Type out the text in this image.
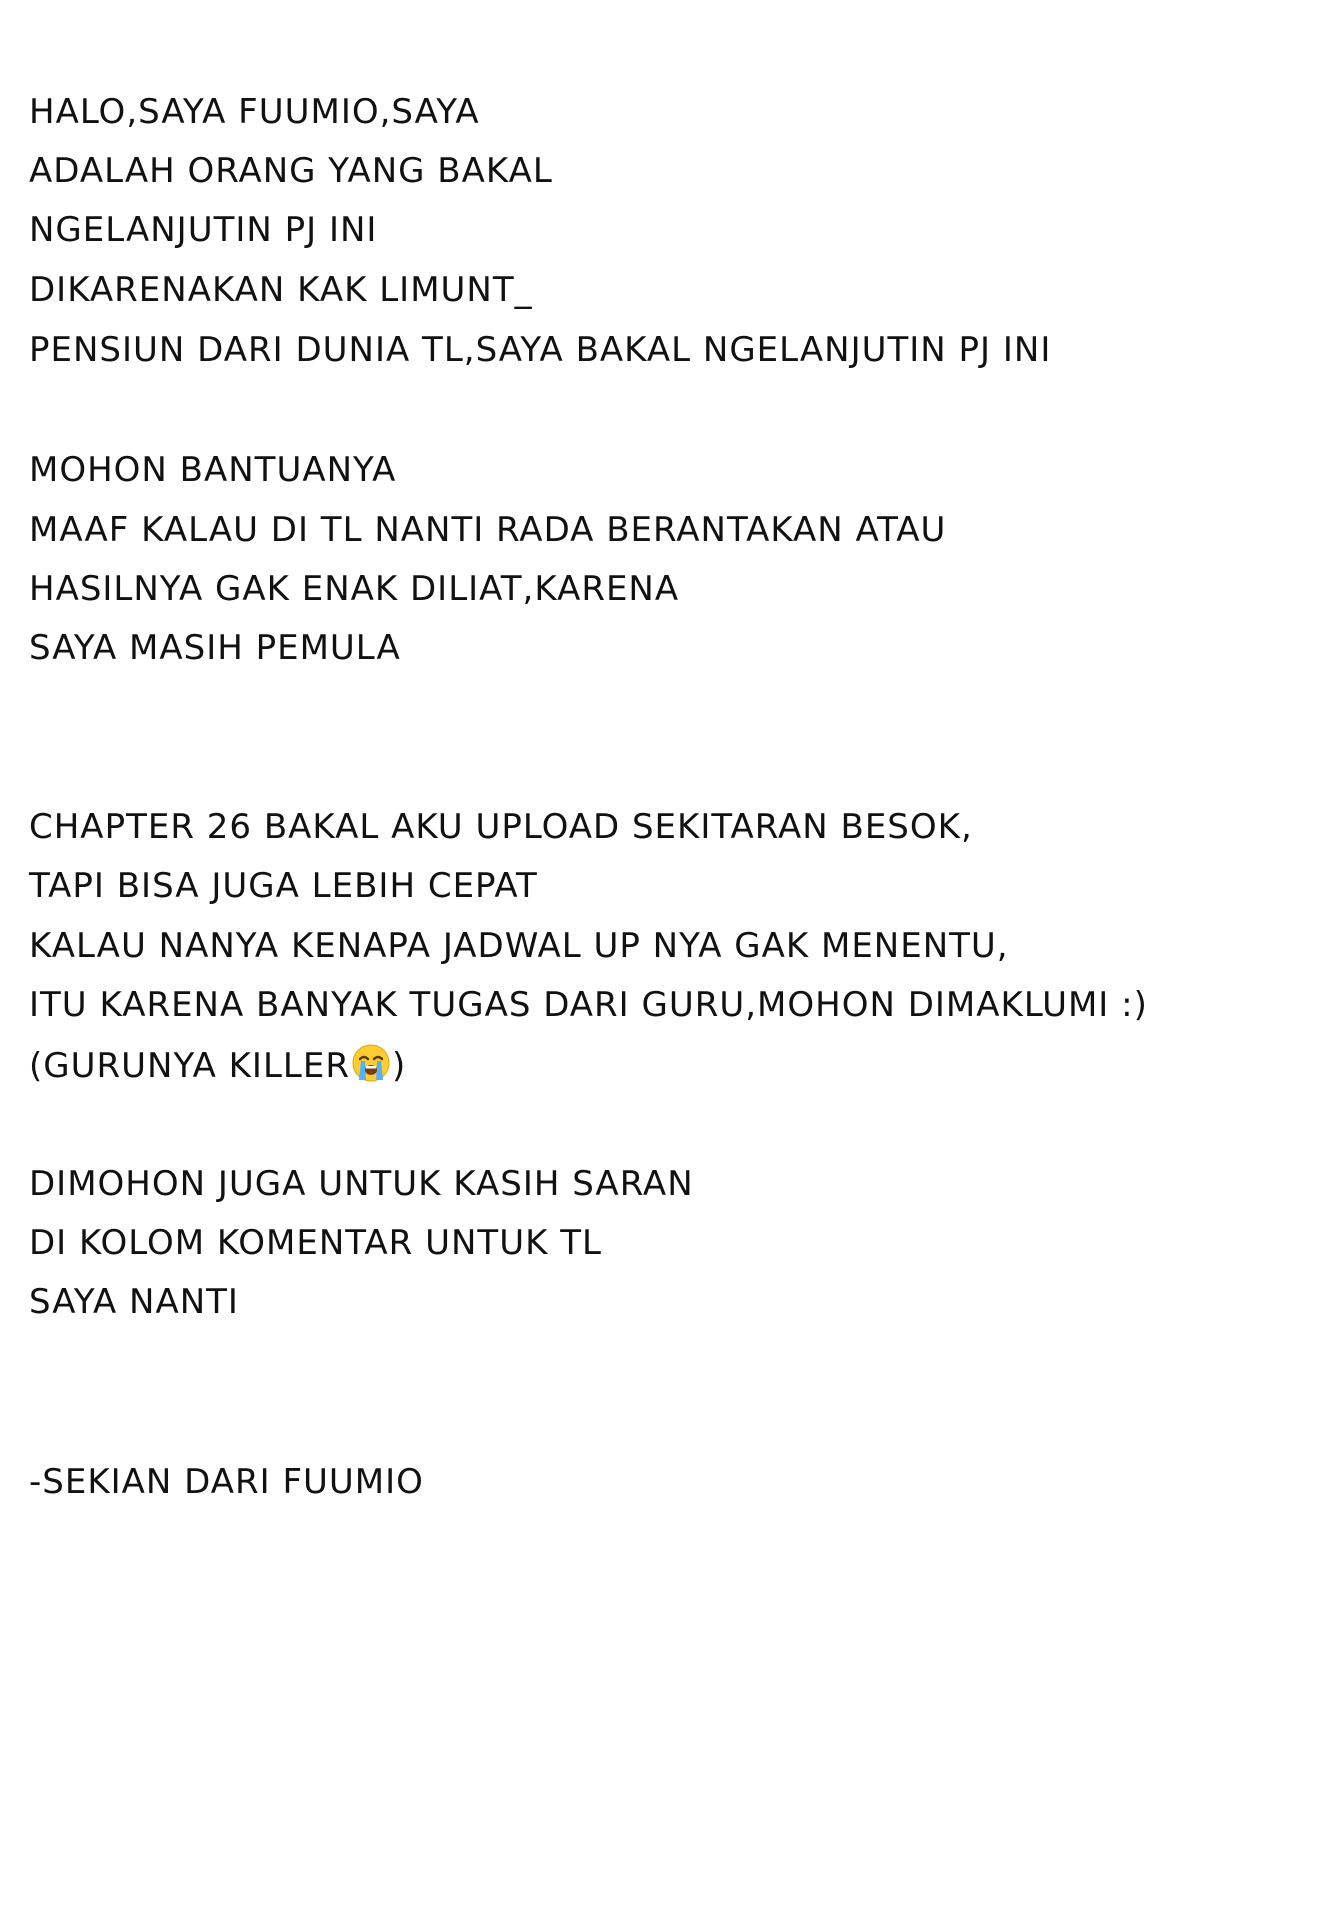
HALO,SAYA FUUMIO,SAYA

ADALAH ORANG YANG BAKAL

NGELANJUTIN PJ INI

DIKARENAKAN KAK LIMUNT_

PENSIUN DARI DUNIA TL,SAYA BAKAL NGELANJUTIN PJ INI

MOHON BANTUANYA

MAAF KALAU DI TL NANTI RADA BERANTAKAN ATAU

HASILNYA GAK ENAK DILIAT,KARENA

SAYA MASIH PEMULA

CHAPTER 26 BAKAL AKU UPLOAD SEKITARAN BESOK,

TAPI BISA JUGA LEBIH CEPAT

KALAU NANYA KENAPA JADWAL UP NYA GAK MENENTU,

ITU KARENA BANYAK TUGAS DARI GURU,MOHON DIMAKLUMI :)

(GURUNYA KILLER )

DIMOHON JUGA UNTUK KASIH SARAN

DI KOLOM KOMENTAR UNTUK TL

SAYA NANTI

-SEKIAN DARI FUUMIO
